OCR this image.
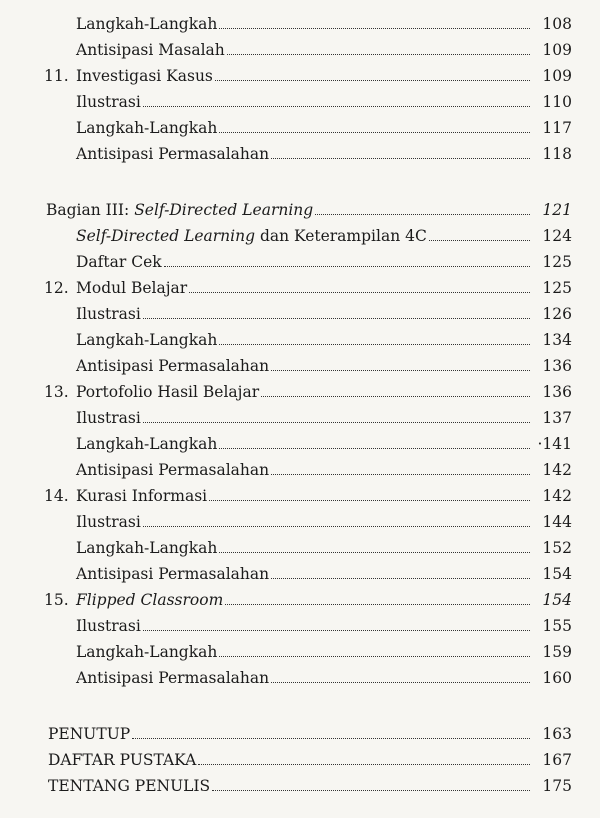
Langkah-Langkah	108
Antisipasi Masalah	109
11. Investigasi Kasus	109
Ilustrasi	110
Langkah-Langkah	117
Antisipasi Permasalahan	118
Bagian III: Self-Directed Learning	121
Self-Directed Learning dan Keterampilan 4C	124
Daftar Cek	125
12. Modul Belajar	125
Ilustrasi	126
Langkah-Langkah	134
Antisipasi Permasalahan	136
13. Portofolio Hasil Belajar	136
Ilustrasi	137
Langkah-Langkah	·141
Antisipasi Permasalahan	142
14. Kurasi Informasi	142
Ilustrasi	144
Langkah-Langkah	152
Antisipasi Permasalahan	154
15. Flipped Classroom	154
Ilustrasi	155
Langkah-Langkah	159
Antisipasi Permasalahan	160
PENUTUP	163
DAFTAR PUSTAKA	167
TENTANG PENULIS	175
